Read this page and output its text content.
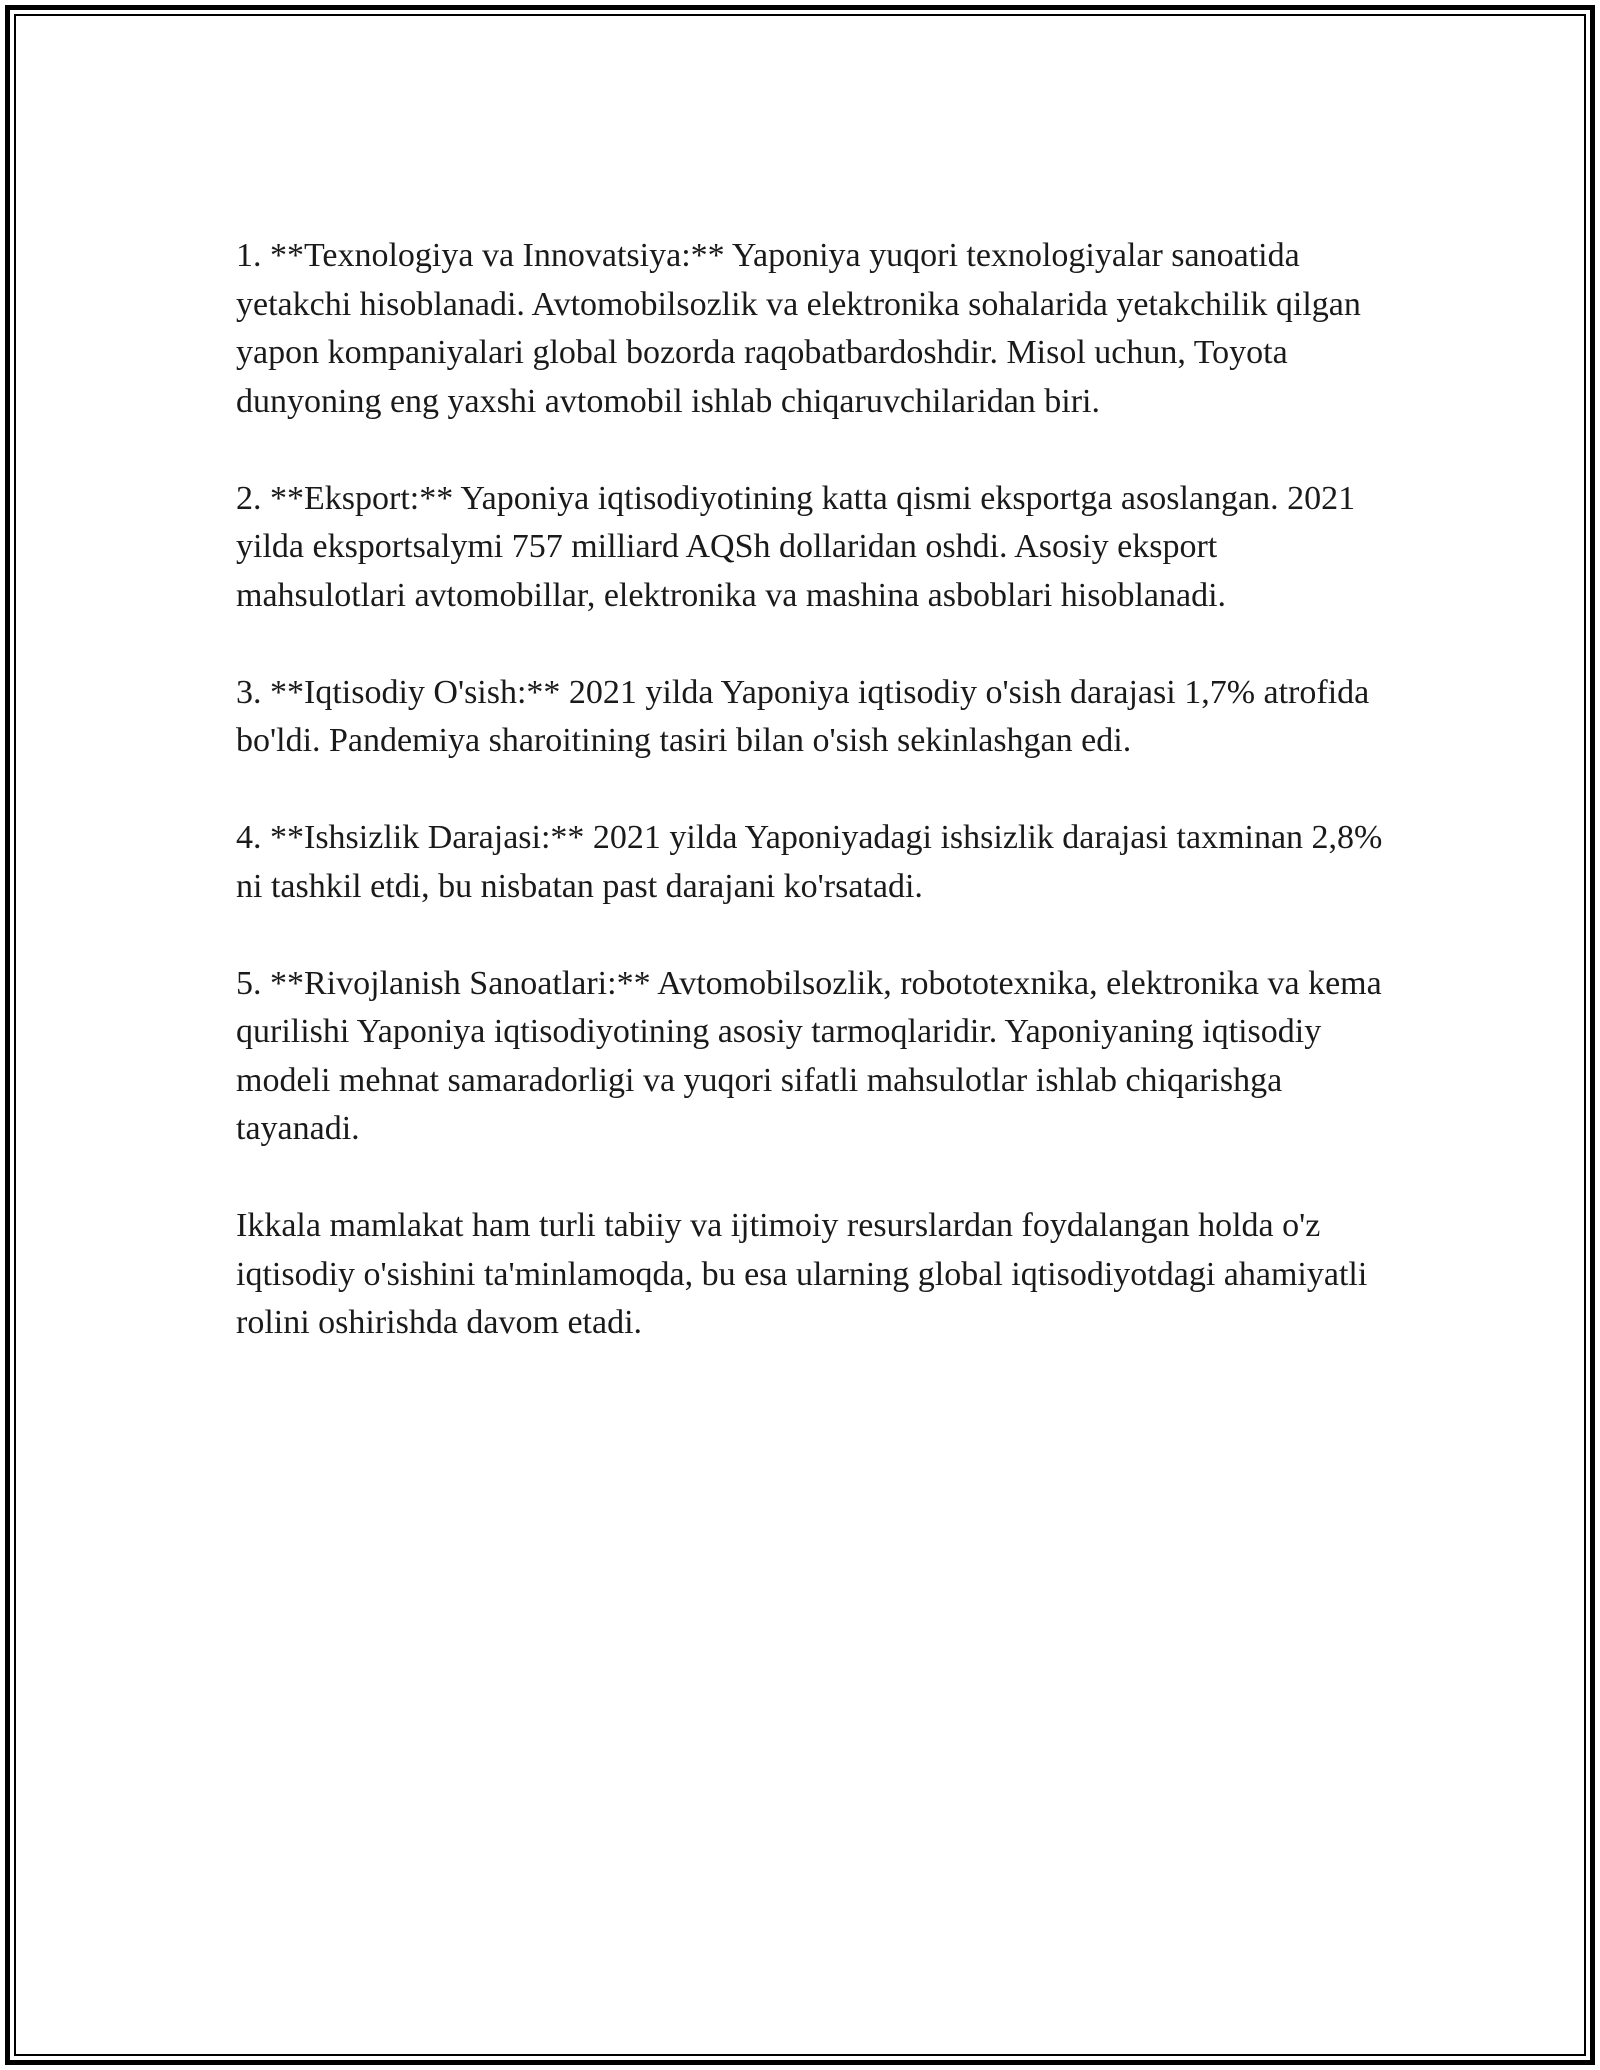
1. **Texnologiya va Innovatsiya:** Yaponiya yuqori texnologiyalar sanoatida yetakchi hisoblanadi. Avtomobilsozlik va elektronika sohalarida yetakchilik qilgan yapon kompaniyalari global bozorda raqobatbardoshdir. Misol uchun, Toyota dunyoning eng yaxshi avtomobil ishlab chiqaruvchilaridan biri.

2. **Eksport:** Yaponiya iqtisodiyotining katta qismi eksportga asoslangan. 2021 yilda eksportsalymi 757 milliard AQSh dollaridan oshdi. Asosiy eksport mahsulotlari avtomobillar, elektronika va mashina asboblari hisoblanadi.

3. **Iqtisodiy O'sish:** 2021 yilda Yaponiya iqtisodiy o'sish darajasi 1,7% atrofida bo'ldi. Pandemiya sharoitining tasiri bilan o'sish sekinlashgan edi.

4. **Ishsizlik Darajasi:** 2021 yilda Yaponiyadagi ishsizlik darajasi taxminan 2,8% ni tashkil etdi, bu nisbatan past darajani ko'rsatadi.

5. **Rivojlanish Sanoatlari:** Avtomobilsozlik, robototexnika, elektronika va kema qurilishi Yaponiya iqtisodiyotining asosiy tarmoqlaridir. Yaponiyaning iqtisodiy modeli mehnat samaradorligi va yuqori sifatli mahsulotlar ishlab chiqarishga tayanadi.

Ikkala mamlakat ham turli tabiiy va ijtimoiy resurslardan foydalangan holda o'z iqtisodiy o'sishini ta'minlamoqda, bu esa ularning global iqtisodiyotdagi ahamiyatli rolini oshirishda davom etadi.
